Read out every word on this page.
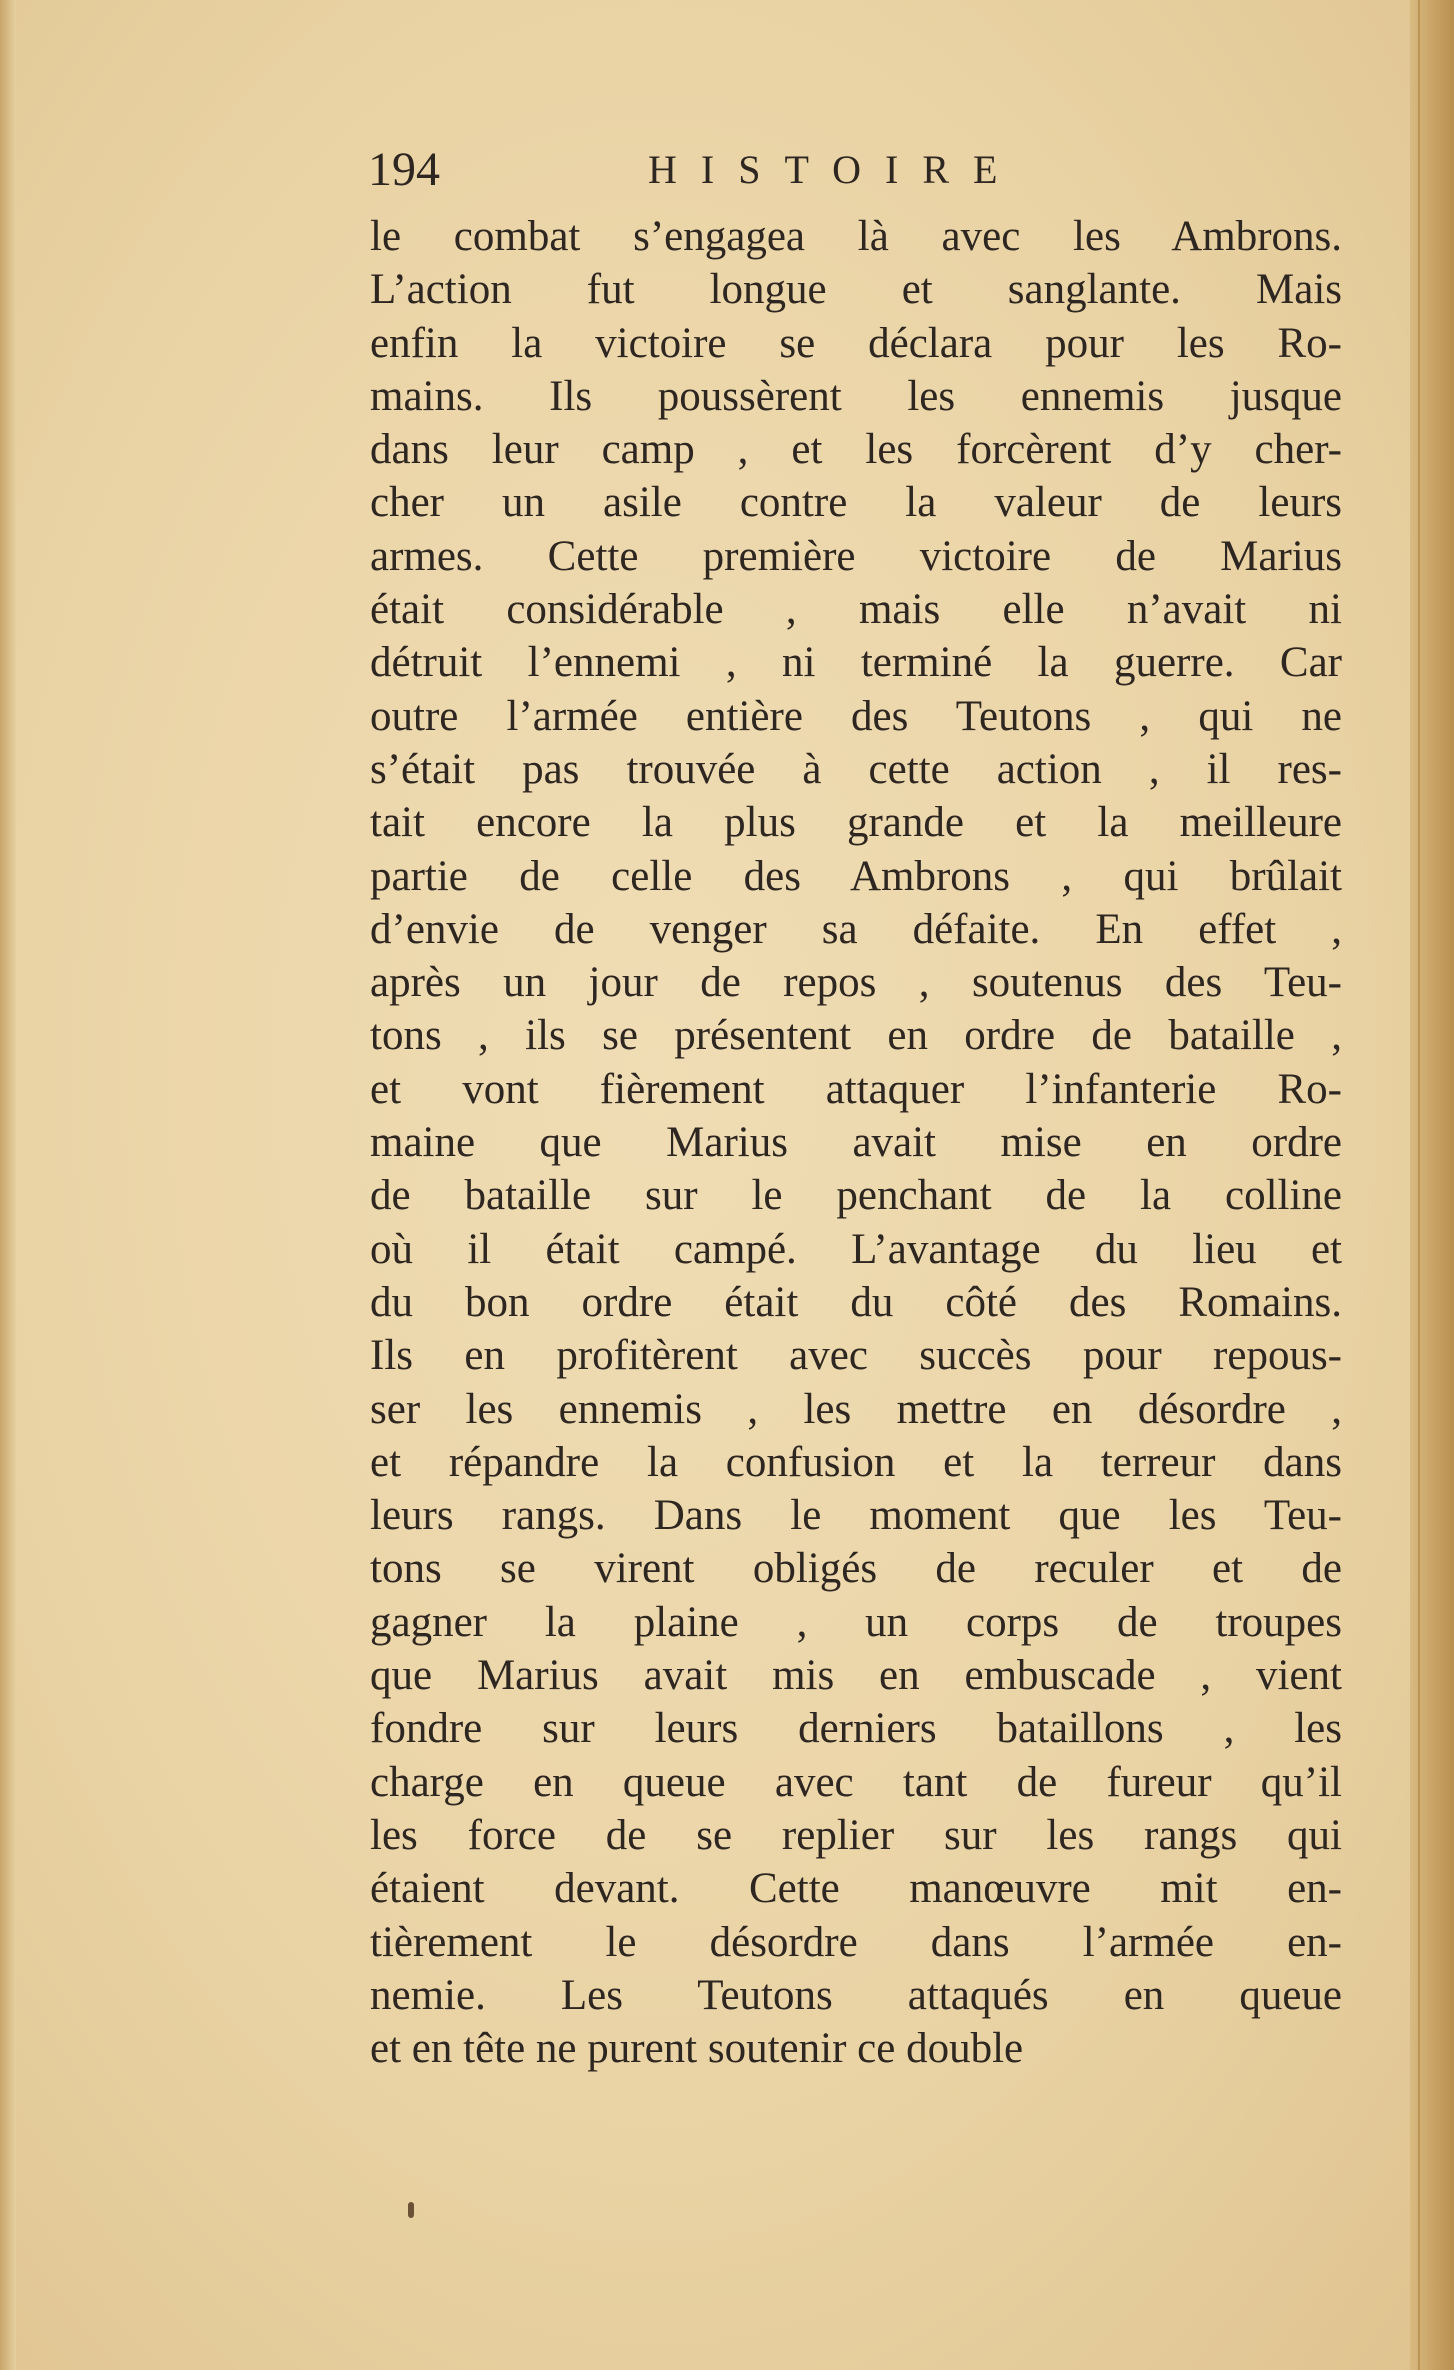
194	HISTOIRE
le combat s’engagea là avec les Ambrons.
L’action fut longue et sanglante. Mais
enfin la victoire se déclara pour les Ro-
mains. Ils poussèrent les ennemis jusque
dans leur camp , et les forcèrent d’y cher-
cher un asile contre la valeur de leurs
armes. Cette première victoire de Marius
était considérable , mais elle n’avait ni
détruit l’ennemi , ni terminé la guerre. Car
outre l’armée entière des Teutons , qui ne
s’était pas trouvée à cette action , il res-
tait encore la plus grande et la meilleure
partie de celle des Ambrons , qui brûlait
d’envie de venger sa défaite. En effet ,
après un jour de repos , soutenus des Teu-
tons , ils se présentent en ordre de bataille ,
et vont fièrement attaquer l’infanterie Ro-
maine que Marius avait mise en ordre
de bataille sur le penchant de la colline
où il était campé. L’avantage du lieu et
du bon ordre était du côté des Romains.
Ils en profitèrent avec succès pour repous-
ser les ennemis , les mettre en désordre ,
et répandre la confusion et la terreur dans
leurs rangs. Dans le moment que les Teu-
tons se virent obligés de reculer et de
gagner la plaine , un corps de troupes
que Marius avait mis en embuscade , vient
fondre sur leurs derniers bataillons , les
charge en queue avec tant de fureur qu’il
les force de se replier sur les rangs qui
étaient devant. Cette manœuvre mit en-
tièrement le désordre dans l’armée en-
nemie. Les Teutons attaqués en queue
et en tête ne purent soutenir ce double
